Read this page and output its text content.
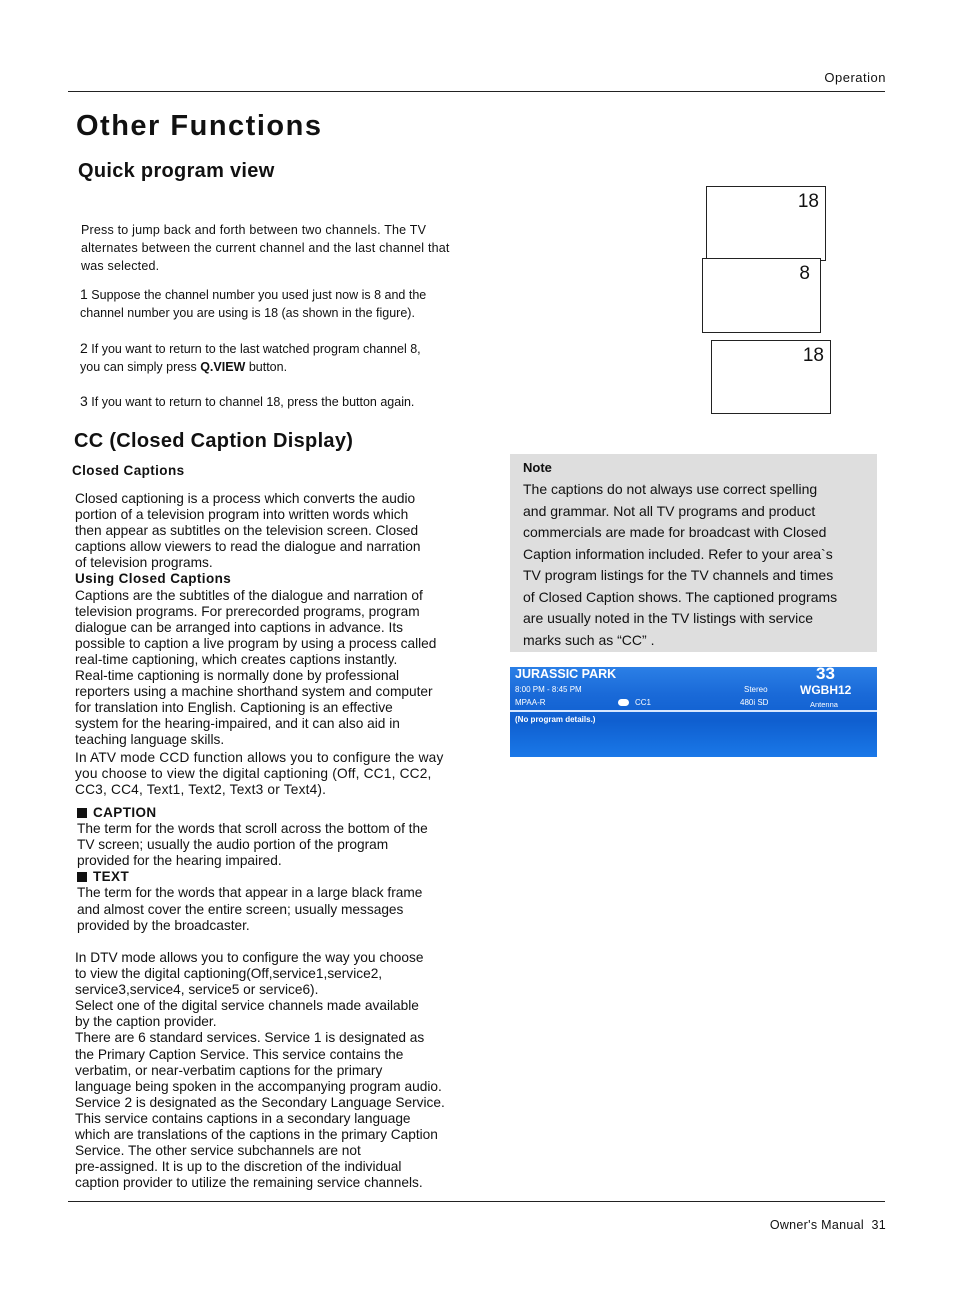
Operation
Other Functions
Quick program view
Press to jump back and forth between two channels. The TV
alternates between the current channel and the last channel that
was selected.
1 Suppose the channel number you used just now is 8 and the
channel number you are using is 18 (as shown in the figure).
2 If you want to return to the last watched program channel 8,
you can simply press Q.VIEW button.
3 If you want to return to channel 18, press the button again.
18
8
18
CC (Closed Caption Display)
Closed Captions
Closed captioning is a process which converts the audio
portion of a television program into written words which
then appear as subtitles on the television screen. Closed
captions allow viewers to read the dialogue and narration
of television programs.
Using Closed Captions
Captions are the subtitles of the dialogue and narration of
television programs. For prerecorded programs, program
dialogue can be arranged into captions in advance. Its
possible to caption a live program by using a process called
real-time captioning, which creates captions instantly.
Real-time captioning is normally done by professional
reporters using a machine shorthand system and computer
for translation into English. Captioning is an effective
system for the hearing-impaired, and it can also aid in
teaching language skills.
In ATV mode CCD function allows you to configure the way
you choose to view the digital captioning (Off, CC1, CC2,
CC3, CC4, Text1, Text2, Text3 or Text4).
CAPTION
The term for the words that scroll across the bottom of the
TV screen; usually the audio portion of the program
provided for the hearing impaired.
TEXT
The term for the words that appear in a large black frame
and almost cover the entire screen; usually messages
provided by the broadcaster.
In DTV mode allows you to configure the way you choose
to view the digital captioning(Off,service1,service2,
service3,service4, service5 or service6).
Select one of the digital service channels made available
by the caption provider.
There are 6 standard services. Service 1 is designated as
the Primary Caption Service. This service contains the
verbatim, or near-verbatim captions for the primary
language being spoken in the accompanying program audio.
Service 2 is designated as the Secondary Language Service.
This service contains captions in a secondary language
which are translations of the captions in the primary Caption
Service. The other service subchannels are not
pre-assigned. It is up to the discretion of the individual
caption provider to utilize the remaining service channels.
Note
The captions do not always use correct spelling
and grammar. Not all TV programs and product
commercials are made for broadcast with Closed
Caption information included. Refer to your area`s
TV program listings for the TV channels and times
of Closed Caption shows. The captioned programs
are usually noted in the TV listings with service
marks such as “CC” .
JURASSIC PARK
8:00 PM - 8:45 PM
MPAA-R	CC1
Stereo
480i SD
33
WGBH12
Antenna
(No program details.)
Owner's Manual 31
